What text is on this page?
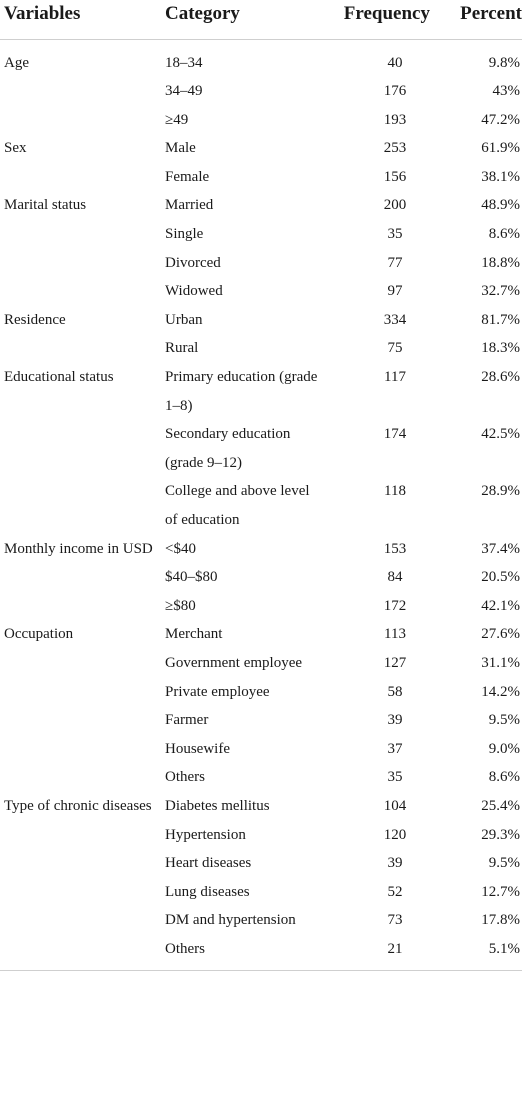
Variables	Category	Frequency	Percent
Age	18–34	40	9.8%
	34–49	176	43%
	≥49	193	47.2%
Sex	Male	253	61.9%
	Female	156	38.1%
Marital status	Married	200	48.9%
	Single	35	8.6%
	Divorced	77	18.8%
	Widowed	97	32.7%
Residence	Urban	334	81.7%
	Rural	75	18.3%
Educational status	Primary education (grade 1–8)	117	28.6%
	Secondary education (grade 9–12)	174	42.5%
	College and above level of education	118	28.9%
Monthly income in USD	<$40	153	37.4%
	$40–$80	84	20.5%
	≥$80	172	42.1%
Occupation	Merchant	113	27.6%
	Government employee	127	31.1%
	Private employee	58	14.2%
	Farmer	39	9.5%
	Housewife	37	9.0%
	Others	35	8.6%
Type of chronic diseases	Diabetes mellitus	104	25.4%
	Hypertension	120	29.3%
	Heart diseases	39	9.5%
	Lung diseases	52	12.7%
	DM and hypertension	73	17.8%
	Others	21	5.1%
